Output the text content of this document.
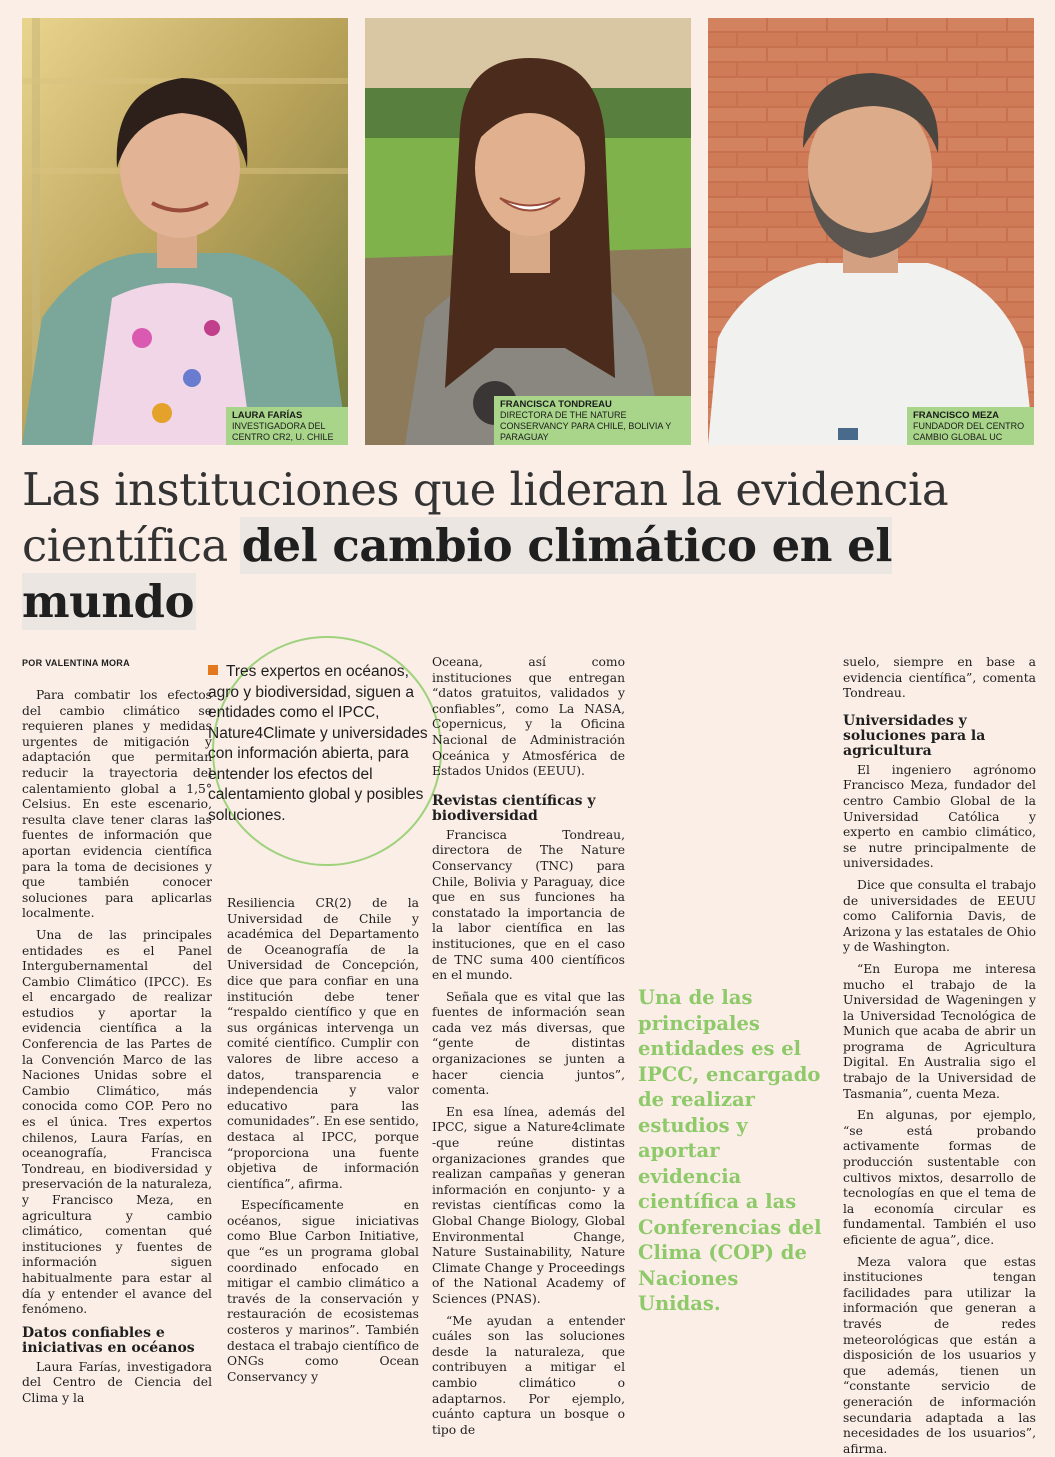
LAURA FARÍAS
INVESTIGADORA DEL CENTRO CR2, U. CHILE
FRANCISCA TONDREAU
DIRECTORA DE THE NATURE CONSERVANCY PARA CHILE, BOLIVIA Y PARAGUAY
FRANCISCO MEZA
FUNDADOR DEL CENTRO CAMBIO GLOBAL UC
Las instituciones que lideran la evidencia científica del cambio climático en el mundo
POR VALENTINA MORA

Para combatir los efectos del cambio climático se requieren planes y medidas urgentes de mitigación y adaptación que permitan reducir la trayectoria del calentamiento global a 1,5° Celsius. En este escenario, resulta clave tener claras las fuentes de información que aportan evidencia científica para la toma de decisiones y que también conocer soluciones para aplicarlas localmente.

Una de las principales entidades es el Panel Intergubernamental del Cambio Climático (IPCC). Es el encargado de realizar estudios y aportar la evidencia científica a la Conferencia de las Partes de la Convención Marco de las Naciones Unidas sobre el Cambio Climático, más conocida como COP. Pero no es el única. Tres expertos chilenos, Laura Farías, en oceanografía, Francisca Tondreau, en biodiversidad y preservación de la naturaleza, y Francisco Meza, en agricultura y cambio climático, comentan qué instituciones y fuentes de información siguen habitualmente para estar al día y entender el avance del fenómeno.

Datos confiables e iniciativas en océanos

Laura Farías, investigadora del Centro de Ciencia del Clima y la

Tres expertos en océanos, agro y biodiversidad, siguen a entidades como el IPCC, Nature4Climate y universidades con información abierta, para entender los efectos del calentamiento global y posibles soluciones.

Resiliencia CR(2) de la Universidad de Chile y académica del Departamento de Oceanografía de la Universidad de Concepción, dice que para confiar en una institución debe tener “respaldo científico y que en sus orgánicas intervenga un comité científico. Cumplir con valores de libre acceso a datos, transparencia e independencia y valor educativo para las comunidades”. En ese sentido, destaca al IPCC, porque “proporciona una fuente objetiva de información científica”, afirma.

Específicamente en océanos, sigue iniciativas como Blue Carbon Initiative, que “es un programa global coordinado enfocado en mitigar el cambio climático a través de la conservación y restauración de ecosistemas costeros y marinos”. También destaca el trabajo científico de ONGs como Ocean Conservancy y

Oceana, así como instituciones que entregan “datos gratuitos, validados y confiables”, como La NASA, Copernicus, y la Oficina Nacional de Administración Oceánica y Atmosférica de Estados Unidos (EEUU).

Revistas científicas y biodiversidad

Francisca Tondreau, directora de The Nature Conservancy (TNC) para Chile, Bolivia y Paraguay, dice que en sus funciones ha constatado la importancia de la labor científica en las instituciones, que en el caso de TNC suma 400 científicos en el mundo.

Señala que es vital que las fuentes de información sean cada vez más diversas, que “gente de distintas organizaciones se junten a hacer ciencia juntos”, comenta.

En esa línea, además del IPCC, sigue a Nature4climate -que reúne distintas organizaciones grandes que realizan campañas y generan información en conjunto- y a revistas científicas como la Global Change Biology, Global Environmental Change, Nature Sustainability, Nature Climate Change y Proceedings of the National Academy of Sciences (PNAS).

“Me ayudan a entender cuáles son las soluciones desde la naturaleza, que contribuyen a mitigar el cambio climático o adaptarnos. Por ejemplo, cuánto captura un bosque o tipo de

Una de las principales entidades es el IPCC, encargado de realizar estudios y aportar evidencia científica a las Conferencias del Clima (COP) de Naciones Unidas.

suelo, siempre en base a evidencia científica”, comenta Tondreau.

Universidades y soluciones para la agricultura

El ingeniero agrónomo Francisco Meza, fundador del centro Cambio Global de la Universidad Católica y experto en cambio climático, se nutre principalmente de universidades.

Dice que consulta el trabajo de universidades de EEUU como California Davis, de Arizona y las estatales de Ohio y de Washington.

“En Europa me interesa mucho el trabajo de la Universidad de Wageningen y la Universidad Tecnológica de Munich que acaba de abrir un programa de Agricultura Digital. En Australia sigo el trabajo de la Universidad de Tasmania”, cuenta Meza.

En algunas, por ejemplo, “se está probando activamente formas de producción sustentable con cultivos mixtos, desarrollo de tecnologías en que el tema de la economía circular es fundamental. También el uso eficiente de agua”, dice.

Meza valora que estas instituciones tengan facilidades para utilizar la información que generan a través de redes meteorológicas que están a disposición de los usuarios y que además, tienen un “constante servicio de generación de información secundaria adaptada a las necesidades de los usuarios”, afirma.
